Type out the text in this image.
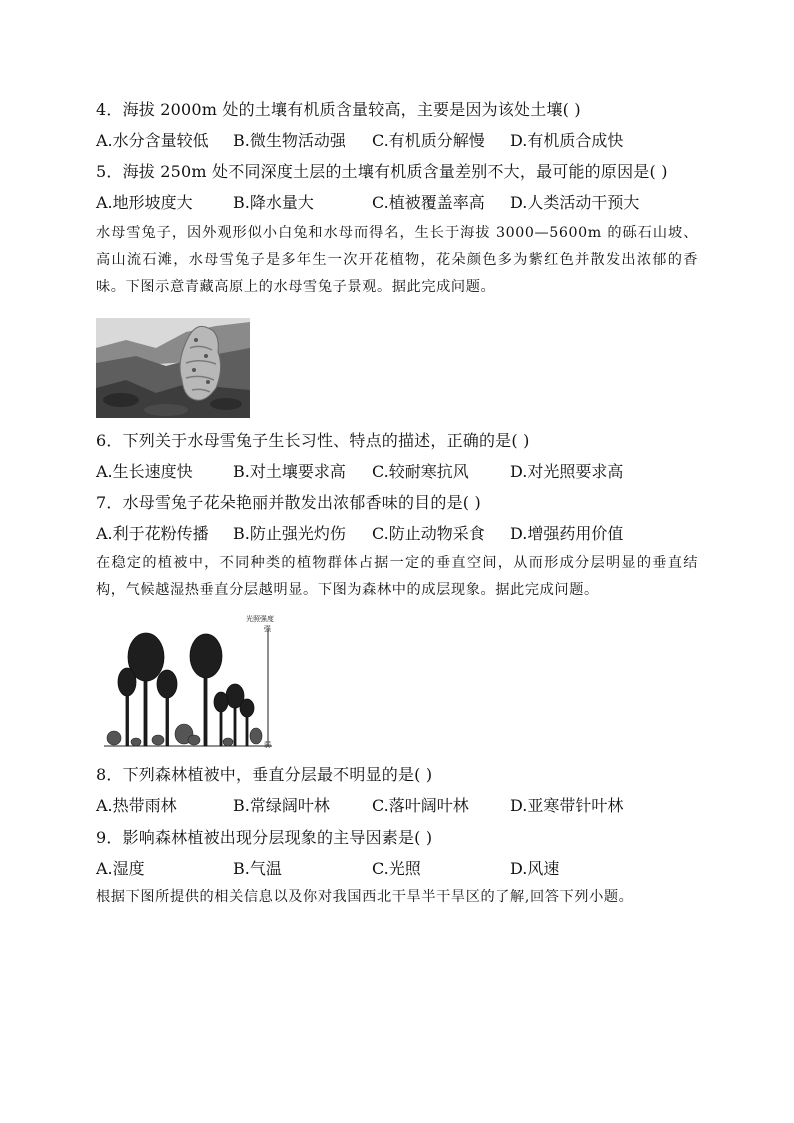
4．海拔 2000m 处的土壤有机质含量较高，主要是因为该处土壤( )
A.水分含量较低 B.微生物活动强 C.有机质分解慢 D.有机质合成快
5．海拔 250m 处不同深度土层的土壤有机质含量差别不大，最可能的原因是( )
A.地形坡度大	B.降水量大	C.植被覆盖率高 D.人类活动干预大
水母雪兔子，因外观形似小白兔和水母而得名，生长于海拔 3000—5600m 的砾石山坡、高山流石滩，水母雪兔子是多年生一次开花植物，花朵颜色多为紫红色并散发出浓郁的香味。下图示意青藏高原上的水母雪兔子景观。据此完成问题。
6．下列关于水母雪兔子生长习性、特点的描述，正确的是( )
A.生长速度快	B.对土壤要求高 C.较耐寒抗风	D.对光照要求高
7．水母雪兔子花朵艳丽并散发出浓郁香味的目的是( )
A.利于花粉传播 B.防止强光灼伤 C.防止动物采食 D.增强药用价值
在稳定的植被中，不同种类的植物群体占据一定的垂直空间，从而形成分层明显的垂直结构，气候越湿热垂直分层越明显。下图为森林中的成层现象。据此完成问题。
光照强度
强
弱
8．下列森林植被中，垂直分层最不明显的是( )
A.热带雨林	B.常绿阔叶林	C.落叶阔叶林	D.亚寒带针叶林
9．影响森林植被出现分层现象的主导因素是( )
A.湿度	B.气温	C.光照	D.风速
根据下图所提供的相关信息以及你对我国西北干旱半干旱区的了解,回答下列小题。
